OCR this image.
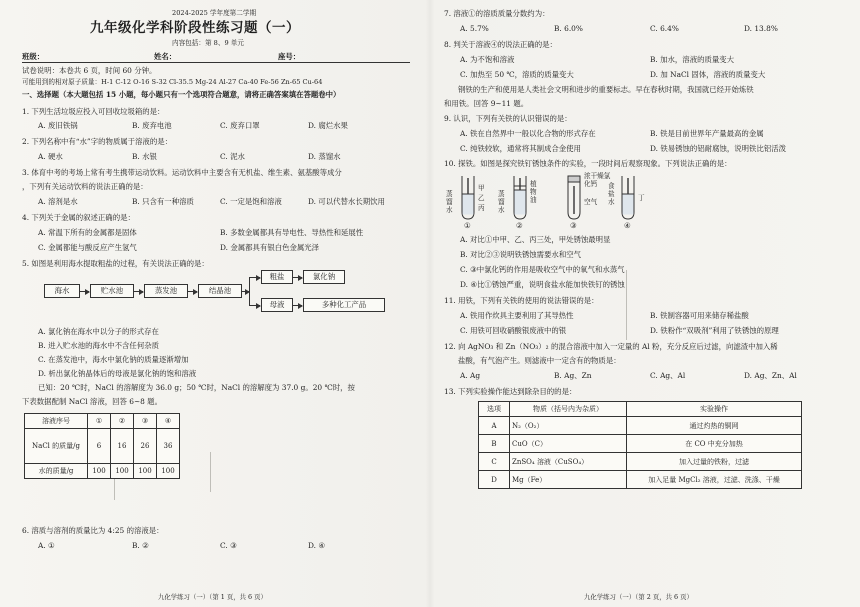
2024-2025 学年度第二学期
九年级化学科阶段性练习题（一）
内容包括：第 8、9 单元
班级：	姓名：	座号：
试卷说明：本卷共 6 页，时间 60 分钟。
可能用到的相对原子质量：H-1 C-12 O-16 S-32 Cl-35.5 Mg-24 Al-27 Ca-40 Fe-56 Zn-65 Cu-64
一、选择题（本大题包括 15 小题，每小题只有一个选项符合题意，请将正确答案填在答题卷中）
1. 下列生活垃圾应投入可回收垃圾箱的是：
A. 废旧铁锅	B. 废弃电池	C. 废弃口罩	D. 腐烂水果
2. 下列名称中有“水”字的物质属于溶液的是：
A. 硬水	B. 水银	C. 泥水	D. 蒸馏水
3. 体育中考的考场上常有考生携带运动饮料。运动饮料中主要含有无机盐、维生素、氨基酸等成分
，下列有关运动饮料的说法正确的是：
A. 溶剂是水	B. 只含有一种溶质	C. 一定是饱和溶液	D. 可以代替水长期饮用
4. 下列关于金属的叙述正确的是：
A. 常温下所有的金属都是固体	B. 多数金属都具有导电性、导热性和延展性
C. 金属都能与酸反应产生氢气	D. 金属都具有银白色金属光泽
5. 如图是利用海水提取粗盐的过程，有关说法正确的是：
海水	贮水池	蒸发池	结晶池
粗盐	氯化钠
母液	多种化工产品
A. 氯化钠在海水中以分子的形式存在
B. 进入贮水池的海水中不含任何杂质
C. 在蒸发池中，海水中氯化钠的质量逐渐增加
D. 析出氯化钠晶体后的母液是氯化钠的饱和溶液
已知：20 ℃时，NaCl 的溶解度为 36.0 g；50 ℃时，NaCl 的溶解度为 37.0 g。20 ℃时，按
下表数据配制 NaCl 溶液，回答 6~8 题。
溶液序号	①	②	③	④
NaCl 的质量/g	6	16	26	36
水的质量/g	100	100	100	100
6. 溶质与溶剂的质量比为 4:25 的溶液是：
A. ①	B. ②	C. ③	D. ④
九化学练习（一）（第 1 页，共 6 页）
7. 溶液①的溶质质量分数约为：
A. 5.7%	B. 6.0%	C. 6.4%	D. 13.8%
8. 判关于溶液④的说法正确的是：
A. 为不饱和溶液	B. 加水，溶液的质量变大
C. 加热至 50 ℃，溶质的质量变大	D. 加 NaCl 固体，溶液的质量变大
钢铁的生产和使用是人类社会文明和进步的重要标志。早在春秋时期，我国就已经开始炼铁
和用铁。回答 9~11 题。
9. 认识，下列有关铁的认识错误的是：
A. 铁在自然界中一般以化合物的形式存在	B. 铁是目前世界年产量最高的金属
C. 纯铁较软，通常将其制成合金使用	D. 铁易锈蚀的铝耐腐蚀，说明铁比铝活泼
10. 探铁。如图是探究铁钉锈蚀条件的实验，一段时间后观察现象。下列说法正确的是：
蒸馏水
甲
乙 蒸馏水
植物油
浓干燥氯化钙
空气
丙
食盐水	丁
①	②	③	④
A. 对比①中甲、乙、丙三处，甲处锈蚀最明显
B. 对比②③说明铁锈蚀需要水和空气
C. ③中氯化钙的作用是吸收空气中的氧气和水蒸气
D. ④比①锈蚀严重，说明食盐水能加快铁钉的锈蚀
11. 用铁，下列有关铁的使用的说法错误的是：
A. 铁用作炊具主要利用了其导热性	B. 铁制容器可用来储存稀盐酸
C. 用铁可回收硝酸银废液中的银	D. 铁粉作“双吸剂”利用了铁锈蚀的原理
12. 向 AgNO₃ 和 Zn（NO₃）₂ 的混合溶液中加入一定量的 Al 粉，充分反应后过滤，向滤渣中加入稀
盐酸，有气泡产生。则滤液中一定含有的物质是：
A. Ag	B. Ag、Zn	C. Ag、Al	D. Ag、Zn、Al
13. 下列实验操作能达到除杂目的的是：
选项	物质（括号内为杂质）	实验操作
A	N₂（O₂）	通过灼热的铜网
B	CuO（C）	在 CO 中充分加热
C	ZnSO₄ 溶液（CuSO₄）	加入过量的铁粉，过滤
D	Mg（Fe）	加入足量 MgCl₂ 溶液，过滤、洗涤、干燥
九化学练习（一）（第 2 页，共 6 页）
